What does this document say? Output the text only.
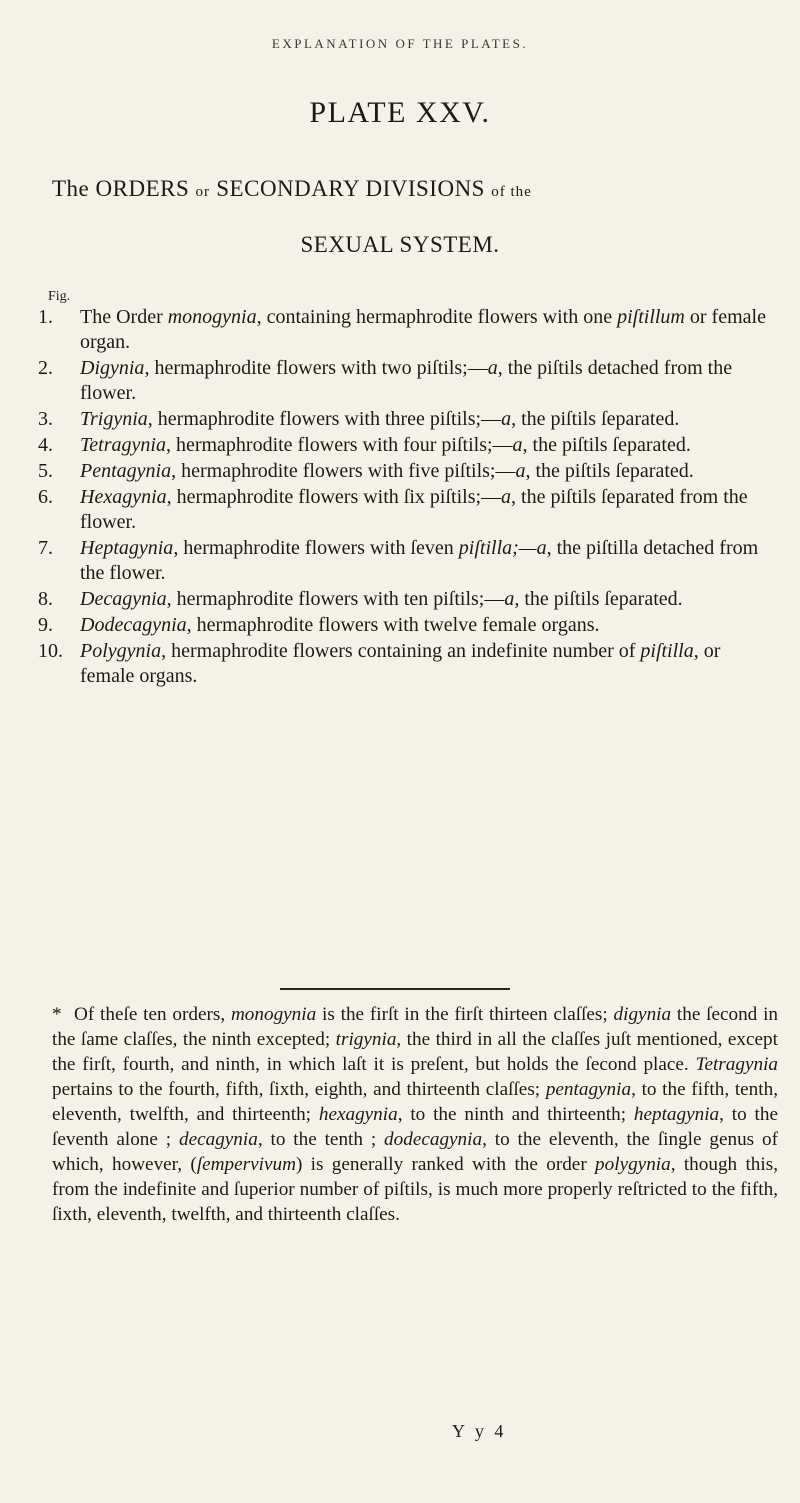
EXPLANATION OF THE PLATES.
PLATE XXV.
The ORDERS or SECONDARY DIVISIONS of the
SEXUAL SYSTEM.
Fig.
1.	The Order monogynia, containing hermaphrodite flowers with one piſtillum or female organ.
2.	Digynia, hermaphrodite flowers with two piſtils;—a, the piſtils detached from the flower.
3.	Trigynia, hermaphrodite flowers with three piſtils;—a, the piſtils ſeparated.
4.	Tetragynia, hermaphrodite flowers with four piſtils;—a, the piſtils ſeparated.
5.	Pentagynia, hermaphrodite flowers with five piſtils;—a, the piſtils ſeparated.
6.	Hexagynia, hermaphrodite flowers with ſix piſtils;—a, the piſtils ſeparated from the flower.
7.	Heptagynia, hermaphrodite flowers with ſeven piſtilla;—a, the piſtilla detached from the flower.
8.	Decagynia, hermaphrodite flowers with ten piſtils;—a, the piſtils ſeparated.
9.	Dodecagynia, hermaphrodite flowers with twelve female organs.
10. Polygynia, hermaphrodite flowers containing an indefinite number of piſtilla, or female organs.
* Of theſe ten orders, monogynia is the firſt in the firſt thirteen claſſes; digynia the ſecond in the ſame claſſes, the ninth excepted; trigynia, the third in all the claſſes juſt mentioned, except the firſt, fourth, and ninth, in which laſt it is preſent, but holds the ſecond place. Tetragynia pertains to the fourth, fifth, ſixth, eighth, and thirteenth claſſes; pentagynia, to the fifth, tenth, eleventh, twelfth, and thirteenth; hexagynia, to the ninth and thirteenth; heptagynia, to the ſeventh alone ; decagynia, to the tenth ; dodecagynia, to the eleventh, the ſingle genus of which, however, (ſempervivum) is generally ranked with the order polygynia, though this, from the indefinite and ſuperior number of piſtils, is much more properly reſtricted to the fifth, ſixth, eleventh, twelfth, and thirteenth claſſes.
Y y 4
